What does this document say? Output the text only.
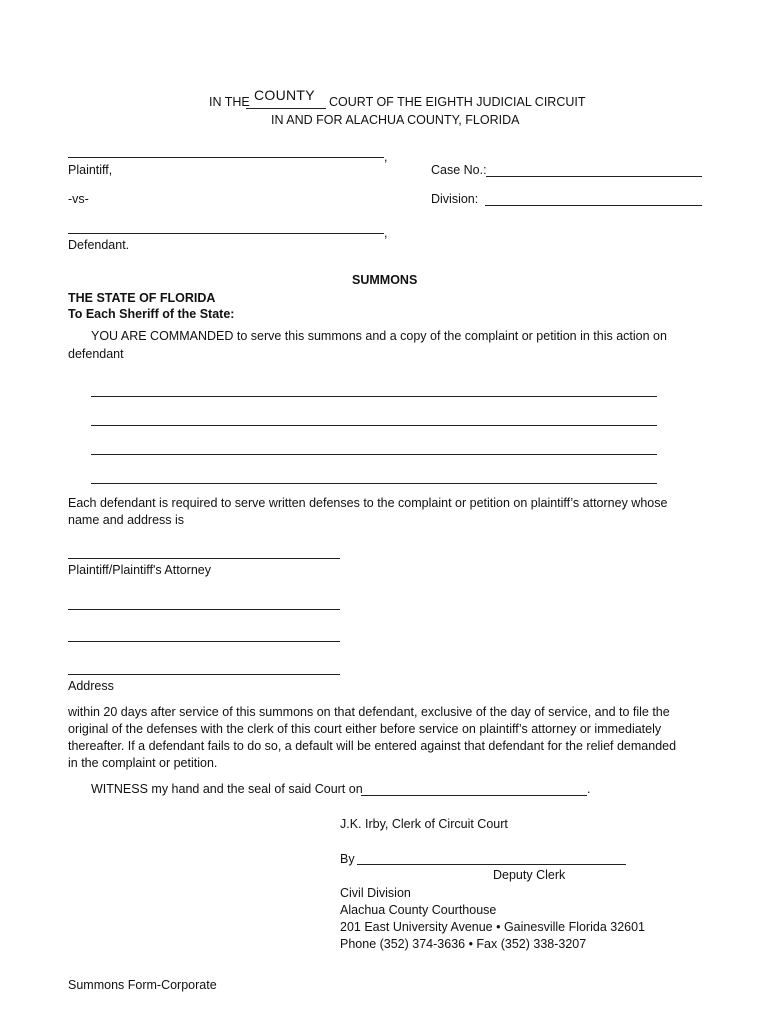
IN THE COUNTY COURT OF THE EIGHTH JUDICIAL CIRCUIT
IN AND FOR ALACHUA COUNTY, FLORIDA
,
Plaintiff,
-vs-
,
Defendant.
Case No.:
Division:
SUMMONS
THE STATE OF FLORIDA
To Each Sheriff of the State:
YOU ARE COMMANDED to serve this summons and a copy of the complaint or petition in this action on
defendant
Each defendant is required to serve written defenses to the complaint or petition on plaintiff’s attorney whose
name and address is
Plaintiff/Plaintiff's Attorney
Address
within 20 days after service of this summons on that defendant, exclusive of the day of service, and to file the
original of the defenses with the clerk of this court either before service on plaintiff’s attorney or immediately
thereafter. If a defendant fails to do so, a default will be entered against that defendant for the relief demanded
in the complaint or petition.
WITNESS my hand and the seal of said Court on	.
J.K. Irby, Clerk of Circuit Court
By
Deputy Clerk
Civil Division
Alachua County Courthouse
201 East University Avenue • Gainesville Florida 32601
Phone (352) 374-3636 • Fax (352) 338-3207
Summons Form-Corporate
